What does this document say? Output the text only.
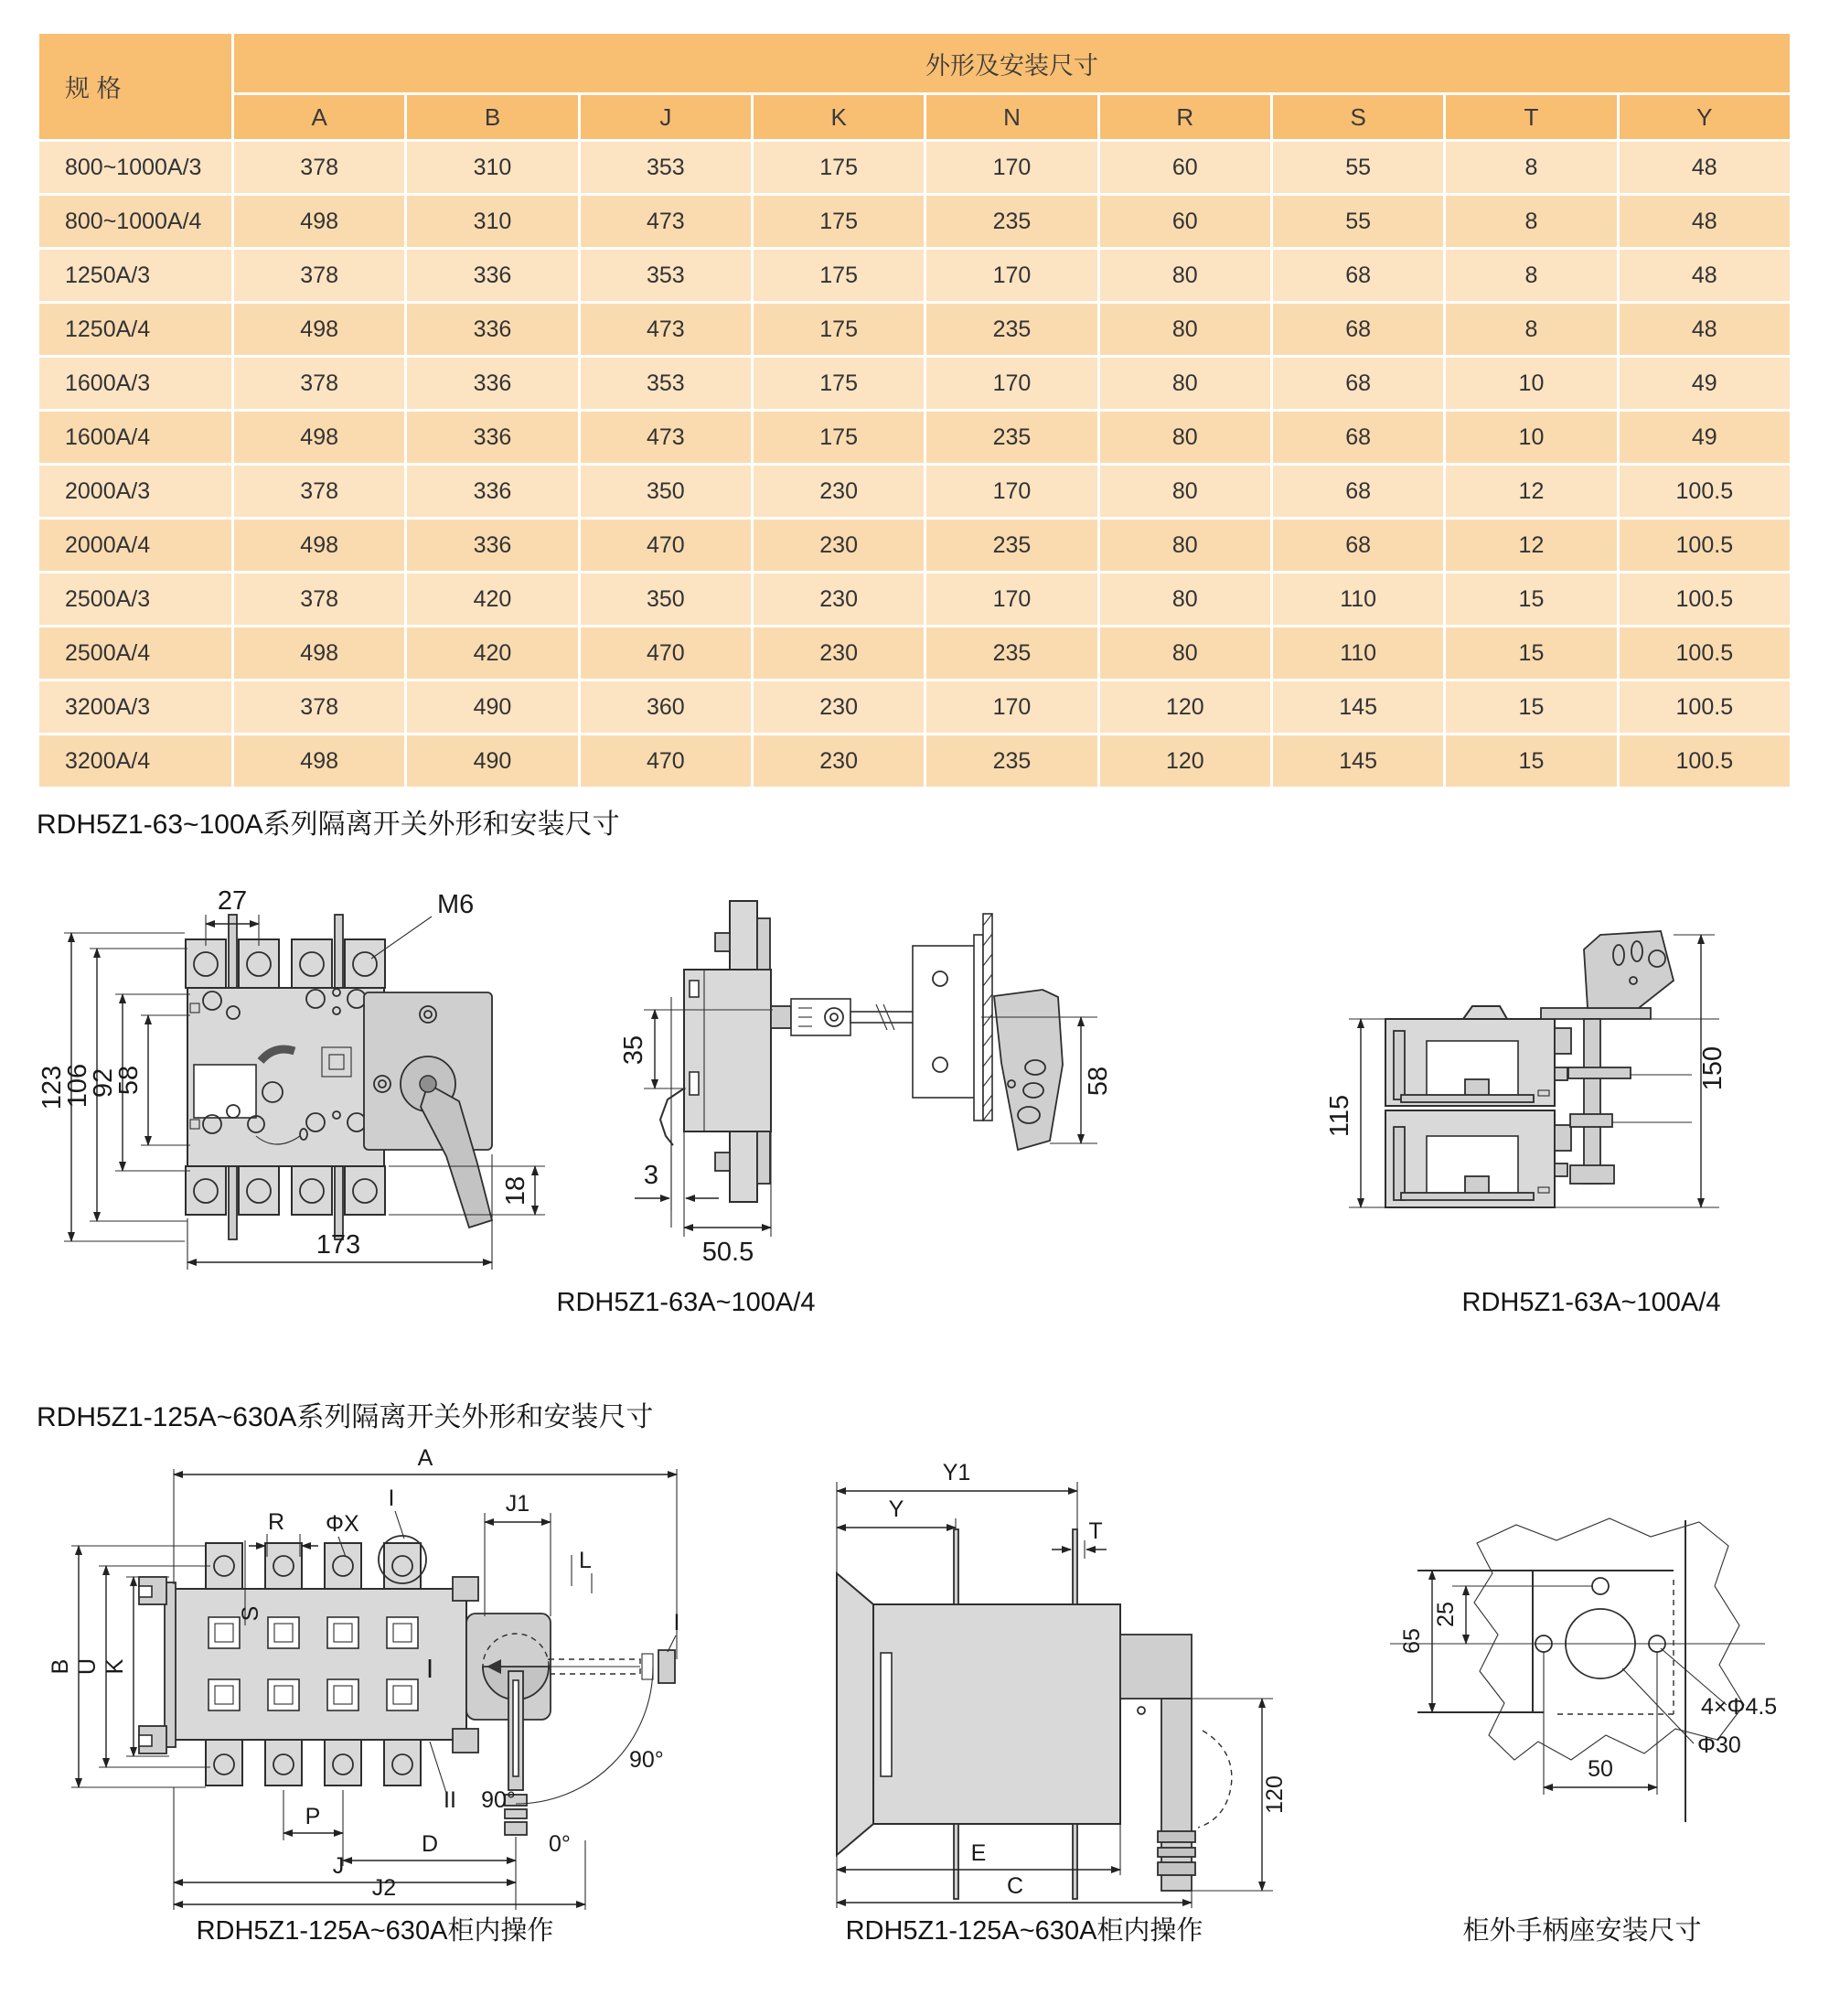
规 格	外形及安装尺寸								
	A	B	J	K	N	R	S	T	Y
800~1000A/3	378	310	353	175	170	60	55	8	48
800~1000A/4	498	310	473	175	235	60	55	8	48
1250A/3	378	336	353	175	170	80	68	8	48
1250A/4	498	336	473	175	235	80	68	8	48
1600A/3	378	336	353	175	170	80	68	10	49
1600A/4	498	336	473	175	235	80	68	10	49
2000A/3	378	336	350	230	170	80	68	12	100.5
2000A/4	498	336	470	230	235	80	68	12	100.5
2500A/3	378	420	350	230	170	80	110	15	100.5
2500A/4	498	420	470	230	235	80	110	15	100.5
3200A/3	378	490	360	230	170	120	145	15	100.5
3200A/4	498	490	470	230	235	120	145	15	100.5
RDH5Z1-63~100A系列隔离开关外形和安装尺寸
27	M6
123
106
92
58
18
173
35
3
50.5
58
115
150
RDH5Z1-63A~100A/4	RDH5Z1-63A~100A/4
RDH5Z1-125A~630A系列隔离开关外形和安装尺寸
A
I
I
J1
R ΦX
S
L
B U K	I
II 90°
P
D	0°
90°
J
J2
Y1
Y
T
E
C
120
65
25
50
4×Φ4.5
Φ30
RDH5Z1-125A~630A柜内操作	RDH5Z1-125A~630A柜内操作	柜外手柄座安装尺寸
